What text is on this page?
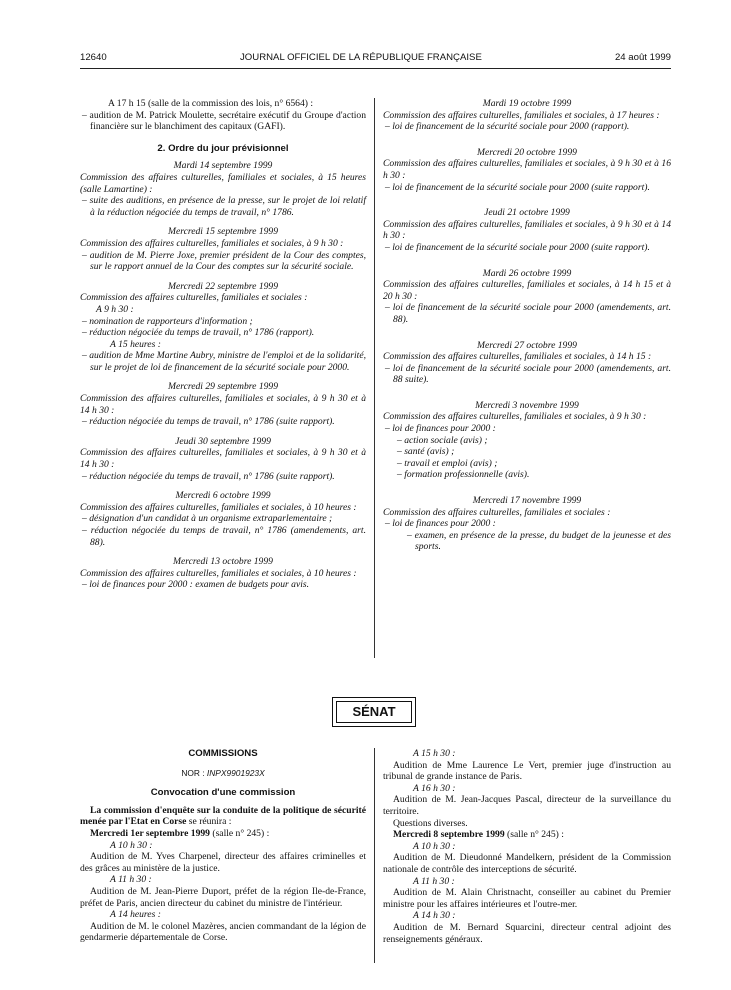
12640	JOURNAL OFFICIEL DE LA RÉPUBLIQUE FRANÇAISE	24 août 1999

A 17 h 15 (salle de la commission des lois, n° 6564) :

– audition de M. Patrick Moulette, secrétaire exécutif du Groupe d'action financière sur le blanchiment des capitaux (GAFI).

2. Ordre du jour prévisionnel

Mardi 14 septembre 1999

Commission des affaires culturelles, familiales et sociales, à 15 heures (salle Lamartine) :

– suite des auditions, en présence de la presse, sur le projet de loi relatif à la réduction négociée du temps de travail, n° 1786.

Mercredi 15 septembre 1999

Commission des affaires culturelles, familiales et sociales, à 9 h 30 :

– audition de M. Pierre Joxe, premier président de la Cour des comptes, sur le rapport annuel de la Cour des comptes sur la sécurité sociale.

Mercredi 22 septembre 1999

Commission des affaires culturelles, familiales et sociales :

A 9 h 30 :

– nomination de rapporteurs d'information ;

– réduction négociée du temps de travail, n° 1786 (rapport).

A 15 heures :

– audition de Mme Martine Aubry, ministre de l'emploi et de la solidarité, sur le projet de loi de financement de la sécurité sociale pour 2000.

Mercredi 29 septembre 1999

Commission des affaires culturelles, familiales et sociales, à 9 h 30 et à 14 h 30 :

– réduction négociée du temps de travail, n° 1786 (suite rapport).

Jeudi 30 septembre 1999

Commission des affaires culturelles, familiales et sociales, à 9 h 30 et à 14 h 30 :

– réduction négociée du temps de travail, n° 1786 (suite rapport).

Mercredi 6 octobre 1999

Commission des affaires culturelles, familiales et sociales, à 10 heures :

– désignation d'un candidat à un organisme extraparlementaire ;

– réduction négociée du temps de travail, n° 1786 (amendements, art. 88).

Mercredi 13 octobre 1999

Commission des affaires culturelles, familiales et sociales, à 10 heures :

– loi de finances pour 2000 : examen de budgets pour avis.

Mardi 19 octobre 1999

Commission des affaires culturelles, familiales et sociales, à 17 heures :

– loi de financement de la sécurité sociale pour 2000 (rapport).

Mercredi 20 octobre 1999

Commission des affaires culturelles, familiales et sociales, à 9 h 30 et à 16 h 30 :

– loi de financement de la sécurité sociale pour 2000 (suite rapport).

Jeudi 21 octobre 1999

Commission des affaires culturelles, familiales et sociales, à 9 h 30 et à 14 h 30 :

– loi de financement de la sécurité sociale pour 2000 (suite rapport).

Mardi 26 octobre 1999

Commission des affaires culturelles, familiales et sociales, à 14 h 15 et à 20 h 30 :

– loi de financement de la sécurité sociale pour 2000 (amendements, art. 88).

Mercredi 27 octobre 1999

Commission des affaires culturelles, familiales et sociales, à 14 h 15 :

– loi de financement de la sécurité sociale pour 2000 (amendements, art. 88 suite).

Mercredi 3 novembre 1999

Commission des affaires culturelles, familiales et sociales, à 9 h 30 :

– loi de finances pour 2000 :

– action sociale (avis) ;

– santé (avis) ;

– travail et emploi (avis) ;

– formation professionnelle (avis).

Mercredi 17 novembre 1999

Commission des affaires culturelles, familiales et sociales :

– loi de finances pour 2000 :

– examen, en présence de la presse, du budget de la jeunesse et des sports.

SÉNAT

COMMISSIONS

NOR : INPX9901923X

Convocation d'une commission

La commission d'enquête sur la conduite de la politique de sécurité menée par l'Etat en Corse se réunira :

Mercredi 1er septembre 1999 (salle n° 245) :

A 10 h 30 :

Audition de M. Yves Charpenel, directeur des affaires criminelles et des grâces au ministère de la justice.

A 11 h 30 :

Audition de M. Jean-Pierre Duport, préfet de la région Ile-de-France, préfet de Paris, ancien directeur du cabinet du ministre de l'intérieur.

A 14 heures :

Audition de M. le colonel Mazères, ancien commandant de la légion de gendarmerie départementale de Corse.

A 15 h 30 :

Audition de Mme Laurence Le Vert, premier juge d'instruction au tribunal de grande instance de Paris.

A 16 h 30 :

Audition de M. Jean-Jacques Pascal, directeur de la surveillance du territoire.

Questions diverses.

Mercredi 8 septembre 1999 (salle n° 245) :

A 10 h 30 :

Audition de M. Dieudonné Mandelkern, président de la Commission nationale de contrôle des interceptions de sécurité.

A 11 h 30 :

Audition de M. Alain Christnacht, conseiller au cabinet du Premier ministre pour les affaires intérieures et l'outre-mer.

A 14 h 30 :

Audition de M. Bernard Squarcini, directeur central adjoint des renseignements généraux.
